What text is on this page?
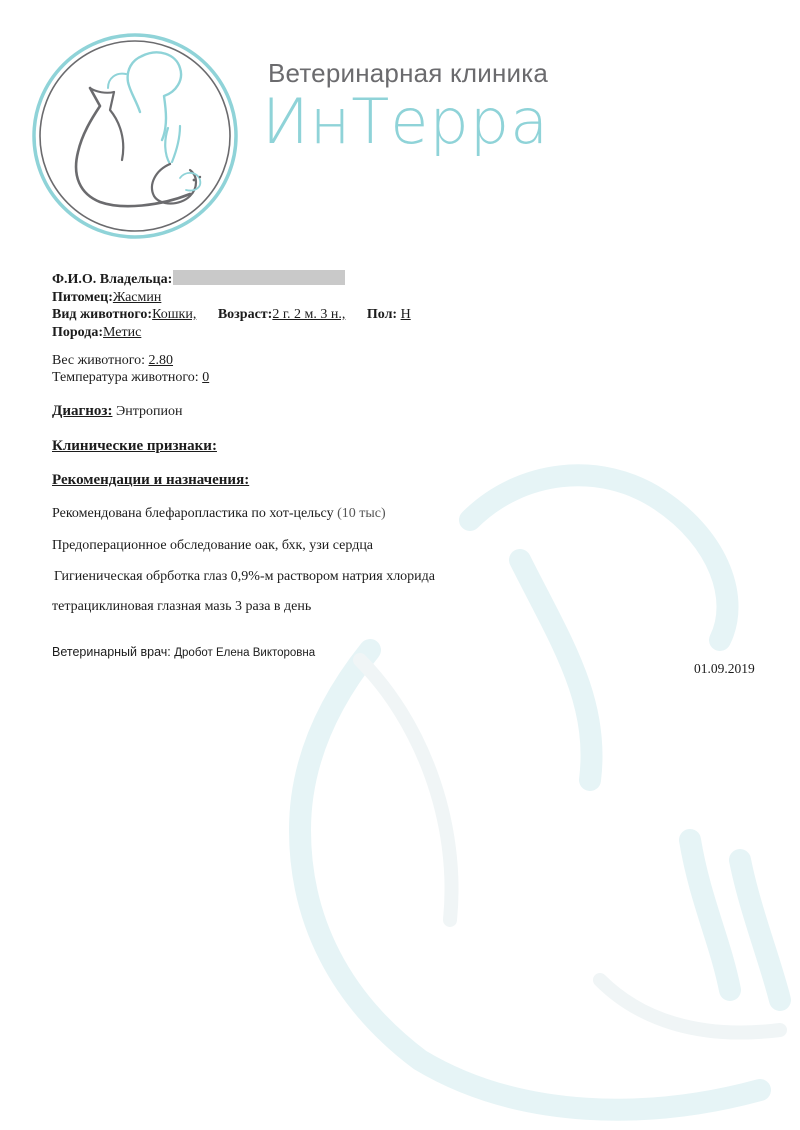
Ветеринарная клиника
ИнТерра
Ф.И.О. Владельца:
Питомец:Жасмин
Вид животного:Кошки, Возраст:2 г. 2 м. 3 н., Пол: Н
Порода:Метис
Вес животного: 2.80
Температура животного: 0
Диагноз: Энтропион
Клинические признаки:
Рекомендации и назначения:
Рекомендована блефаропластика по хот-цельсу (10 тыс)
Предоперационное обследование оак, бхк, узи сердца
Гигиеническая обрботка глаз 0,9%-м раствором натрия хлорида
тетрациклиновая глазная мазь 3 раза в день
Ветеринарный врач: Дробот Елена Викторовна
01.09.2019
